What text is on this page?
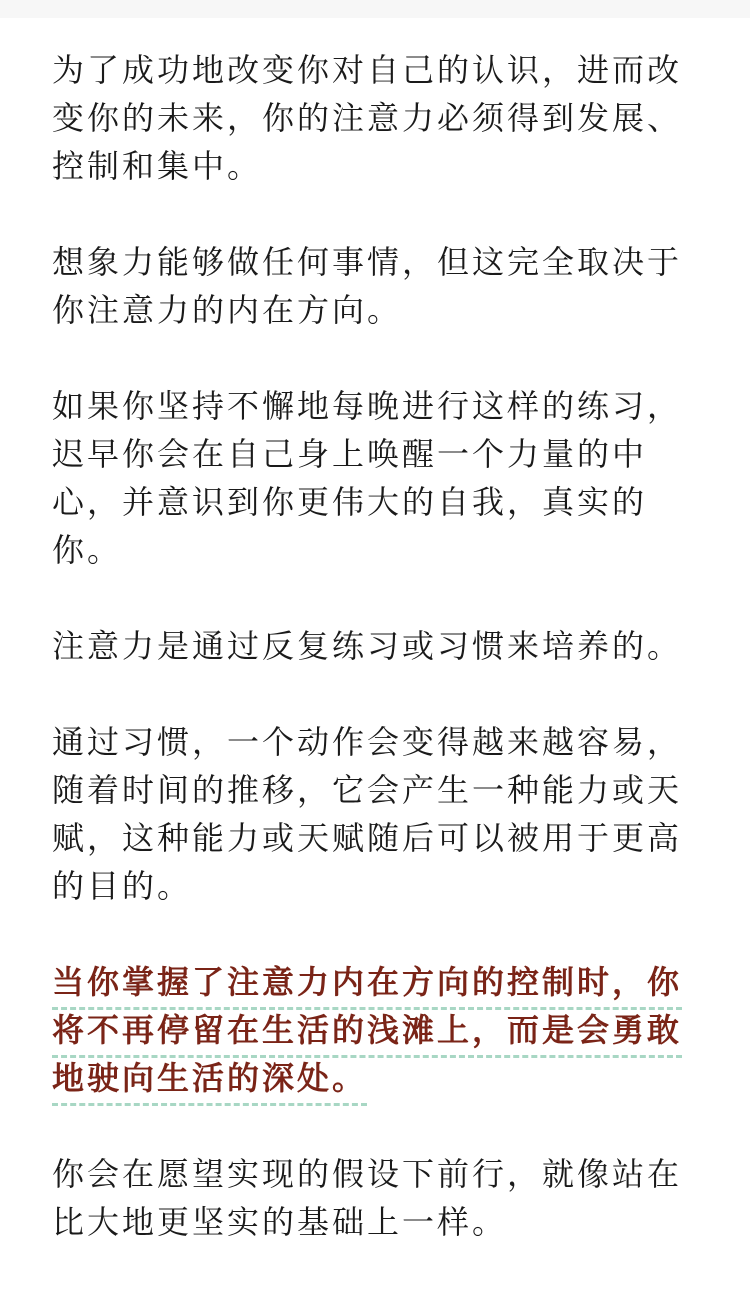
为了成功地改变你对自己的认识，进而改变你的未来，你的注意力必须得到发展、控制和集中。

想象力能够做任何事情，但这完全取决于你注意力的内在方向。

如果你坚持不懈地每晚进行这样的练习，迟早你会在自己身上唤醒一个力量的中心，并意识到你更伟大的自我，真实的你。

注意力是通过反复练习或习惯来培养的。

通过习惯，一个动作会变得越来越容易，随着时间的推移，它会产生一种能力或天赋，这种能力或天赋随后可以被用于更高的目的。

当你掌握了注意力内在方向的控制时，你将不再停留在生活的浅滩上，而是会勇敢地驶向生活的深处。

你会在愿望实现的假设下前行，就像站在比大地更坚实的基础上一样。
